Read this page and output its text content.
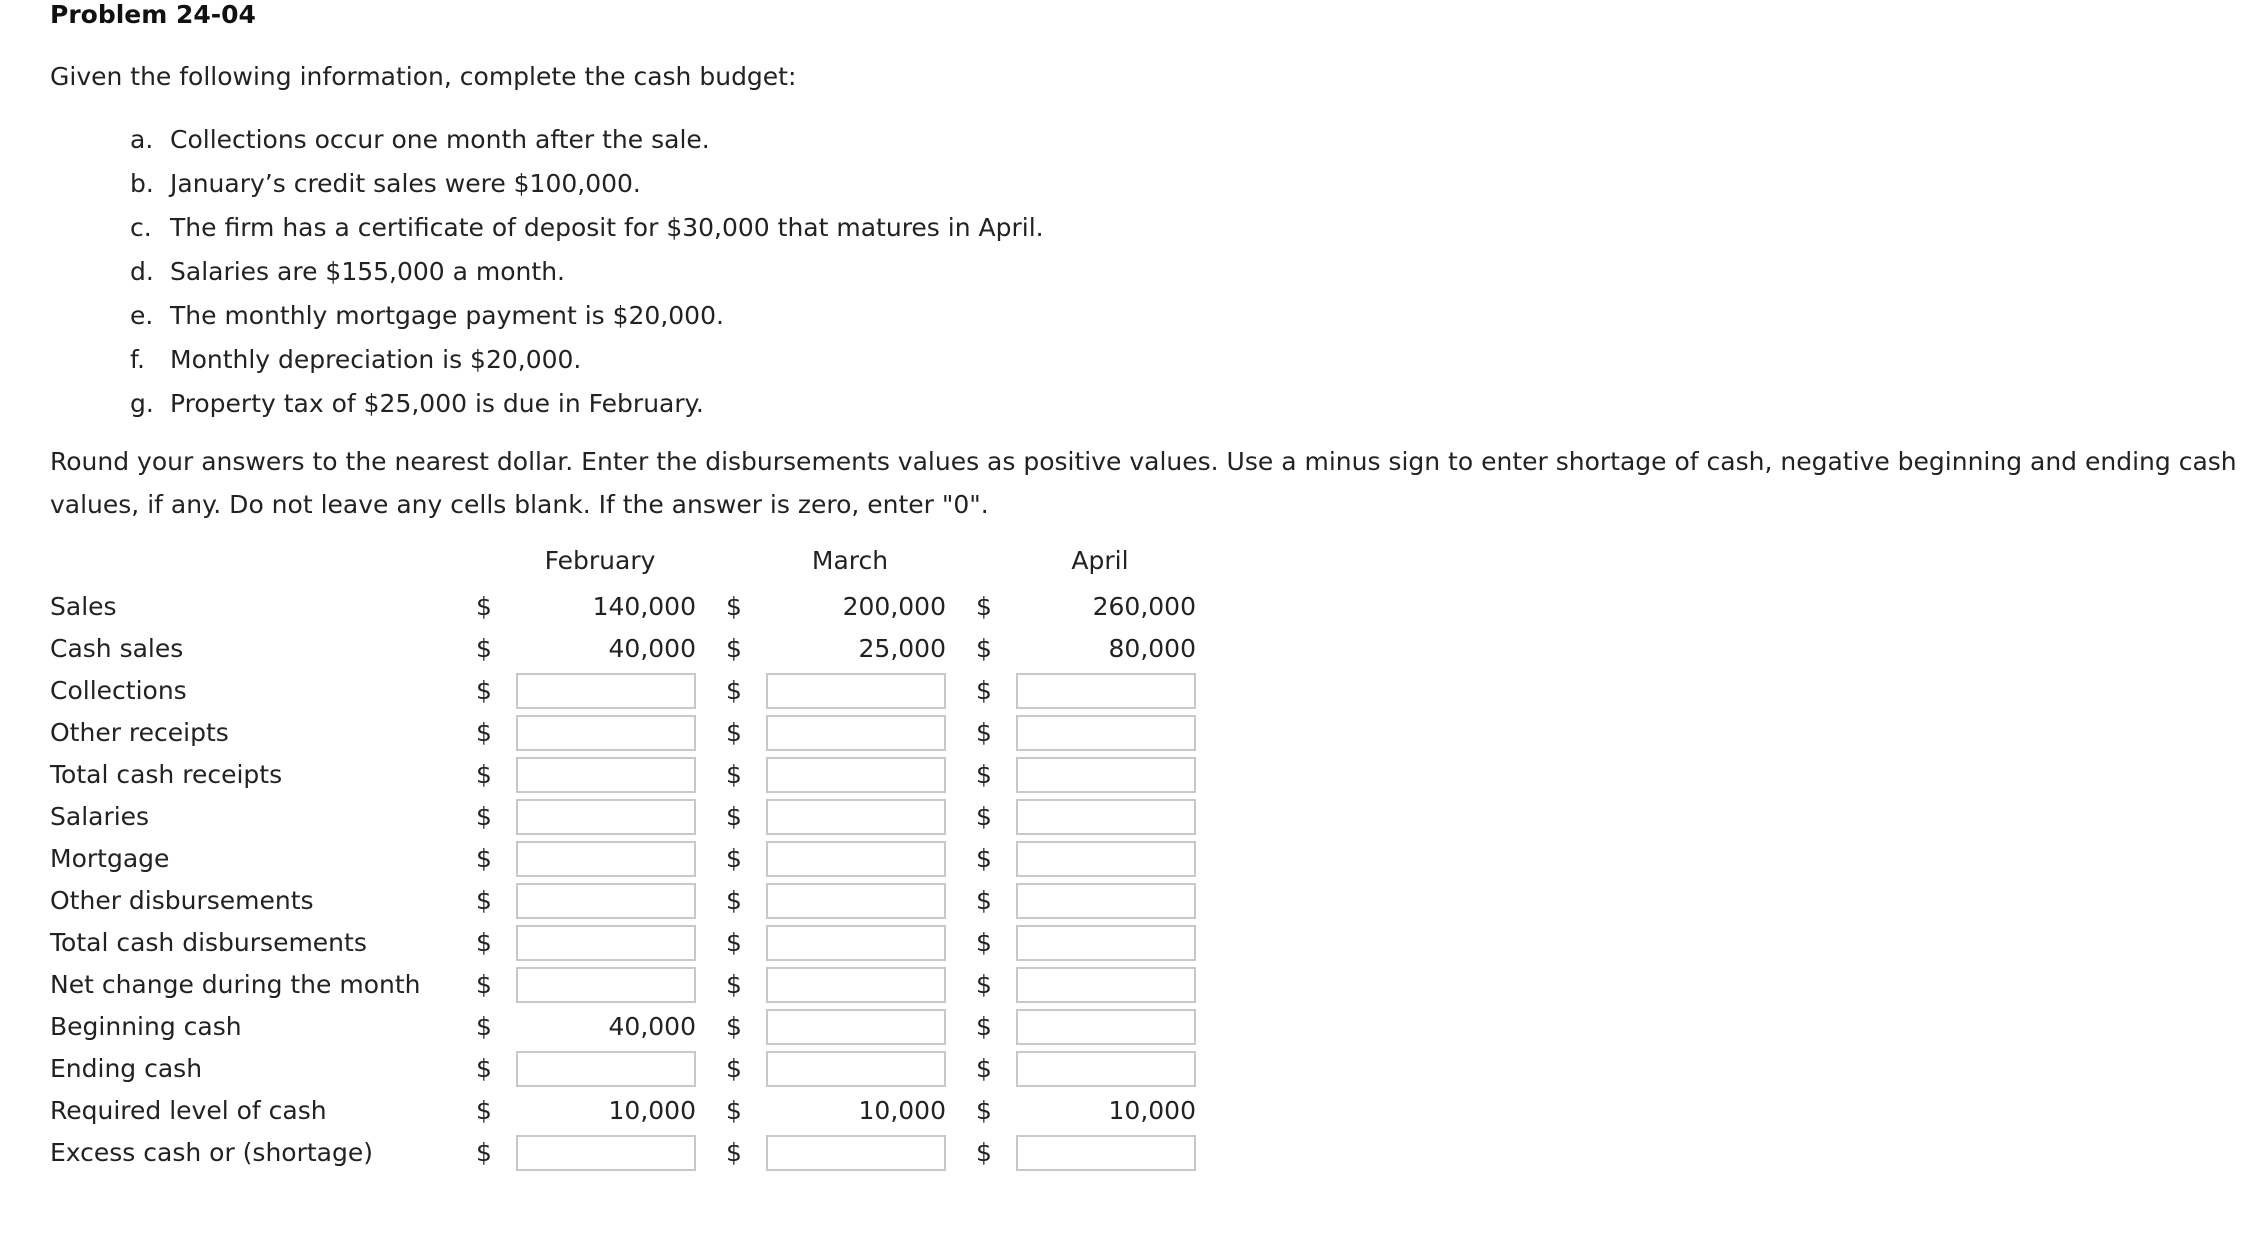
Problem 24-04
Given the following information, complete the cash budget:
a. Collections occur one month after the sale.
b. January’s credit sales were $100,000.
c. The firm has a certificate of deposit for $30,000 that matures in April.
d. Salaries are $155,000 a month.
e. The monthly mortgage payment is $20,000.
f. Monthly depreciation is $20,000.
g. Property tax of $25,000 is due in February.
Round your answers to the nearest dollar. Enter the disbursements values as positive values. Use a minus sign to enter shortage of cash, negative beginning and ending cash values, if any. Do not leave any cells blank. If the answer is zero, enter "0".
February	March	April
Sales	$	140,000 $	200,000 $	260,000
Cash sales	$	40,000 $	25,000 $	80,000
Collections	$	$	$
Other receipts	$	$	$
Total cash receipts	$	$	$
Salaries	$	$	$
Mortgage	$	$	$
Other disbursements	$	$	$
Total cash disbursements	$	$	$
Net change during the month $	$	$
Beginning cash	$	40,000 $	$
Ending cash	$	$	$
Required level of cash	$	10,000 $	10,000 $	10,000
Excess cash or (shortage)	$	$	$
